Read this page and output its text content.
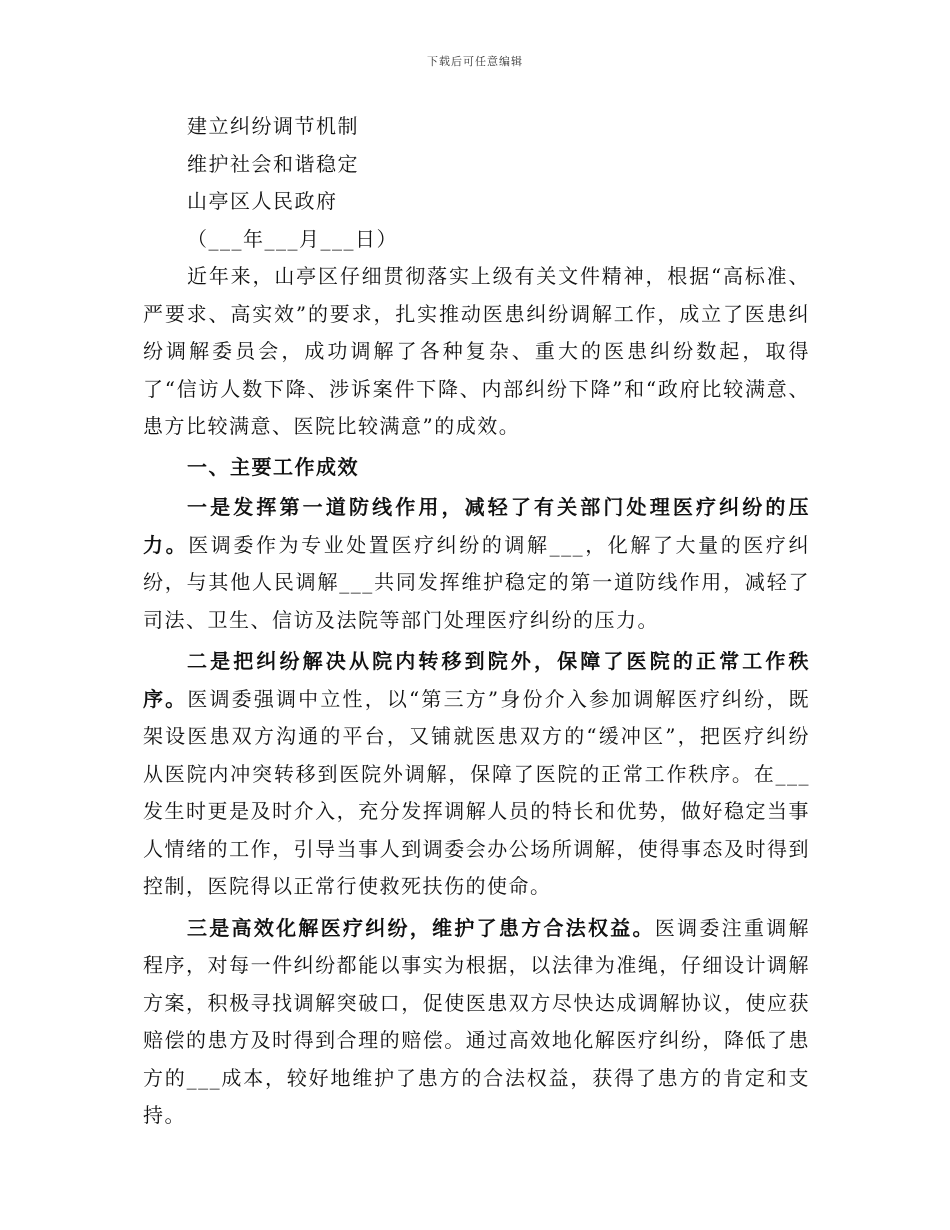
下载后可任意编辑
建立纠纷调节机制
维护社会和谐稳定
山亭区人民政府
（___年___月___日）

近年来，山亭区仔细贯彻落实上级有关文件精神，根据“高标准、严要求、高实效”的要求，扎实推动医患纠纷调解工作，成立了医患纠纷调解委员会，成功调解了各种复杂、重大的医患纠纷数起，取得了“信访人数下降、涉诉案件下降、内部纠纷下降”和“政府比较满意、患方比较满意、医院比较满意”的成效。

一、主要工作成效

一是发挥第一道防线作用，减轻了有关部门处理医疗纠纷的压力。医调委作为专业处置医疗纠纷的调解___，化解了大量的医疗纠纷，与其他人民调解___共同发挥维护稳定的第一道防线作用，减轻了司法、卫生、信访及法院等部门处理医疗纠纷的压力。

二是把纠纷解决从院内转移到院外，保障了医院的正常工作秩序。医调委强调中立性，以“第三方”身份介入参加调解医疗纠纷，既架设医患双方沟通的平台，又铺就医患双方的“缓冲区”，把医疗纠纷从医院内冲突转移到医院外调解，保障了医院的正常工作秩序。在___发生时更是及时介入，充分发挥调解人员的特长和优势，做好稳定当事人情绪的工作，引导当事人到调委会办公场所调解，使得事态及时得到控制，医院得以正常行使救死扶伤的使命。

三是高效化解医疗纠纷，维护了患方合法权益。医调委注重调解程序，对每一件纠纷都能以事实为根据，以法律为准绳，仔细设计调解方案，积极寻找调解突破口，促使医患双方尽快达成调解协议，使应获赔偿的患方及时得到合理的赔偿。通过高效地化解医疗纠纷，降低了患方的___成本，较好地维护了患方的合法权益，获得了患方的肯定和支持。
